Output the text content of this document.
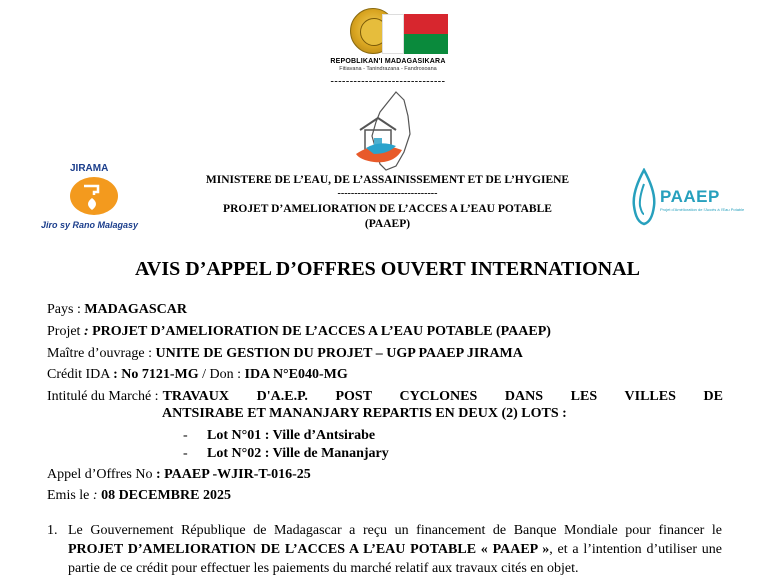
REPOBLIKAN'I MADAGASIKARA
Fitiavana - Tanindrazana - Fandrosoana
------------------------------
JIRAMA
Jiro sy Rano Malagasy
PAAEP
Projet d’Amélioration de l’Accès à l’Eau Potable
MINISTERE DE L’EAU, DE L’ASSAINISSEMENT ET DE L’HYGIENE
------------------------------
PROJET D’AMELIORATION DE L’ACCES A L’EAU POTABLE
(PAAEP)
AVIS D’APPEL D’OFFRES OUVERT INTERNATIONAL
Pays : MADAGASCAR
Projet : PROJET D’AMELIORATION DE L’ACCES A L’EAU POTABLE (PAAEP)
Maître d’ouvrage : UNITE DE GESTION DU PROJET – UGP PAAEP JIRAMA
Crédit IDA : No 7121-MG / Don : IDA N°E040-MG
Intitulé du Marché : TRAVAUX D'A.E.P. POST CYCLONES DANS LES VILLES DE
ANTSIRABE ET MANANJARY REPARTIS EN DEUX (2) LOTS :
- Lot N°01 : Ville d’Antsirabe
- Lot N°02 : Ville de Mananjary
Appel d’Offres No : PAAEP -WJIR-T-016-25
Emis le : 08 DECEMBRE 2025
1. Le Gouvernement République de Madagascar a reçu un financement de Banque Mondiale pour financer le PROJET D’AMELIORATION DE L’ACCES A L’EAU POTABLE « PAAEP », et a l’intention d’utiliser une partie de ce crédit pour effectuer les paiements du marché relatif aux travaux cités en objet.
